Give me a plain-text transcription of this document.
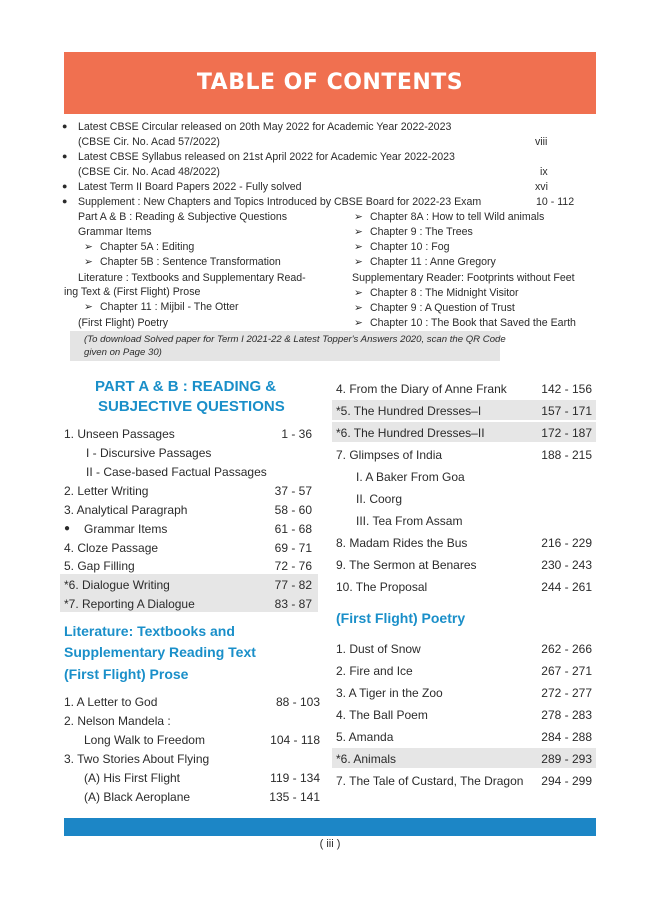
TABLE OF CONTENTS
● Latest CBSE Circular released on 20th May 2022 for Academic Year 2022-2023
(CBSE Cir. No. Acad 57/2022)	viii
● Latest CBSE Syllabus released on 21st April 2022 for Academic Year 2022-2023
(CBSE Cir. No. Acad 48/2022)	ix
● Latest Term II Board Papers 2022 - Fully solved	xvi
● Supplement : New Chapters and Topics Introduced by CBSE Board for 2022-23 Exam	10 - 112
Part A & B : Reading & Subjective Questions
Grammar Items
➢ Chapter 5A : Editing
➢ Chapter 5B : Sentence Transformation
Literature : Textbooks and Supplementary Read-
ing Text & (First Flight) Prose
➢ Chapter 11 : Mijbil - The Otter
(First Flight) Poetry
➢ Chapter 8A : How to tell Wild animals
➢ Chapter 9 : The Trees
➢ Chapter 10 : Fog
➢ Chapter 11 : Anne Gregory
Supplementary Reader: Footprints without Feet
➢ Chapter 8 : The Midnight Visitor
➢ Chapter 9 : A Question of Trust
➢ Chapter 10 : The Book that Saved the Earth
(To download Solved paper for Term I 2021-22 & Latest Topper's Answers 2020, scan the QR Code
given on Page 30)
PART A & B : READING &
SUBJECTIVE QUESTIONS
1. Unseen Passages	1 - 36
I - Discursive Passages
II - Case-based Factual Passages
2. Letter Writing	37 - 57
3. Analytical Paragraph	58 - 60
● Grammar Items	61 - 68
4. Cloze Passage	69 - 71
5. Gap Filling	72 - 76
*6. Dialogue Writing	77 - 82
*7. Reporting A Dialogue	83 - 87
Literature: Textbooks and
Supplementary Reading Text
(First Flight) Prose
1. A Letter to God	88 - 103
2. Nelson Mandela :
Long Walk to Freedom	104 - 118
3. Two Stories About Flying
(A) His First Flight	119 - 134
(A) Black Aeroplane	135 - 141
4. From the Diary of Anne Frank	142 - 156
*5. The Hundred Dresses–I	157 - 171
*6. The Hundred Dresses–II	172 - 187
7. Glimpses of India	188 - 215
I. A Baker From Goa
II. Coorg
III. Tea From Assam
8. Madam Rides the Bus	216 - 229
9. The Sermon at Benares	230 - 243
10. The Proposal	244 - 261
(First Flight) Poetry
1. Dust of Snow	262 - 266
2. Fire and Ice	267 - 271
3. A Tiger in the Zoo	272 - 277
4. The Ball Poem	278 - 283
5. Amanda	284 - 288
*6. Animals	289 - 293
7. The Tale of Custard, The Dragon	294 - 299
( iii )
